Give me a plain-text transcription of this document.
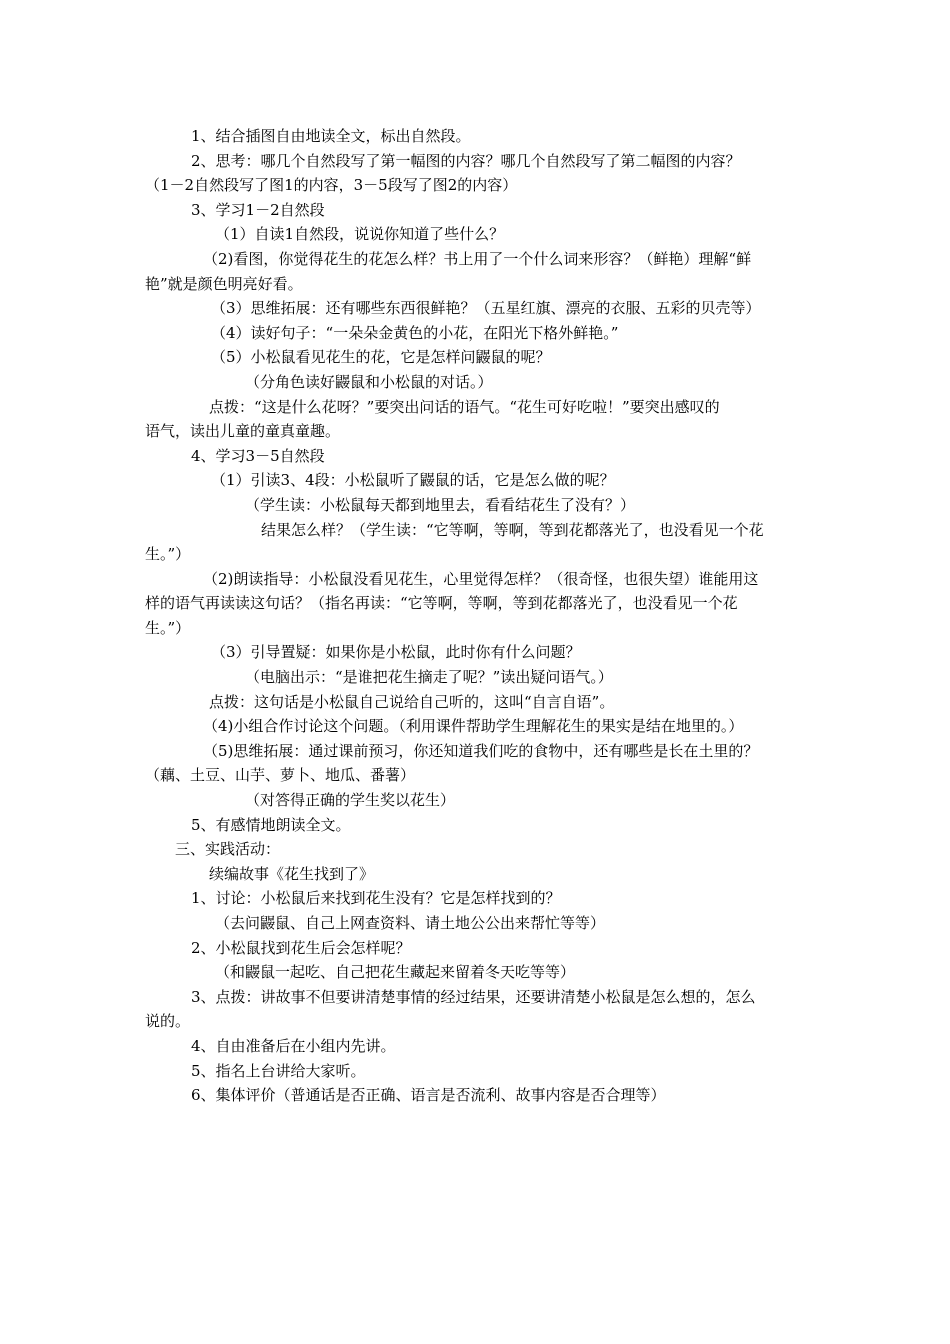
1、结合插图自由地读全文，标出自然段。
2、思考：哪几个自然段写了第一幅图的内容？哪几个自然段写了第二幅图的内容？
（1－2自然段写了图1的内容，3－5段写了图2的内容）
3、学习1－2自然段
（1）自读1自然段，说说你知道了些什么？
（2)看图，你觉得花生的花怎么样？书上用了一个什么词来形容？（鲜艳）理解“鲜
艳”就是颜色明亮好看。
（3）思维拓展：还有哪些东西很鲜艳？（五星红旗、漂亮的衣服、五彩的贝壳等）
（4）读好句子：“一朵朵金黄色的小花，在阳光下格外鲜艳。”
（5）小松鼠看见花生的花，它是怎样问鼹鼠的呢？
（分角色读好鼹鼠和小松鼠的对话。）
点拨：“这是什么花呀？”要突出问话的语气。“花生可好吃啦！”要突出感叹的
语气，读出儿童的童真童趣。
4、学习3－5自然段
（1）引读3、4段：小松鼠听了鼹鼠的话，它是怎么做的呢？
（学生读：小松鼠每天都到地里去，看看结花生了没有？）
结果怎么样？（学生读：“它等啊，等啊，等到花都落光了，也没看见一个花
生。”）
（2)朗读指导：小松鼠没看见花生，心里觉得怎样？（很奇怪，也很失望）谁能用这
样的语气再读读这句话？（指名再读：“它等啊，等啊，等到花都落光了，也没看见一个花
生。”）
（3）引导置疑：如果你是小松鼠，此时你有什么问题？
（电脑出示：“是谁把花生摘走了呢？”读出疑问语气。）
点拨：这句话是小松鼠自己说给自己听的，这叫“自言自语”。
（4)小组合作讨论这个问题。（利用课件帮助学生理解花生的果实是结在地里的。）
（5)思维拓展：通过课前预习，你还知道我们吃的食物中，还有哪些是长在土里的？
（藕、土豆、山芋、萝卜、地瓜、番薯）
（对答得正确的学生奖以花生）
5、有感情地朗读全文。
三、实践活动：
续编故事《花生找到了》
1、讨论：小松鼠后来找到花生没有？它是怎样找到的？
（去问鼹鼠、自己上网查资料、请土地公公出来帮忙等等）
2、小松鼠找到花生后会怎样呢？
（和鼹鼠一起吃、自己把花生藏起来留着冬天吃等等）
3、点拨：讲故事不但要讲清楚事情的经过结果，还要讲清楚小松鼠是怎么想的，怎么
说的。
4、自由准备后在小组内先讲。
5、指名上台讲给大家听。
6、集体评价（普通话是否正确、语言是否流利、故事内容是否合理等）
